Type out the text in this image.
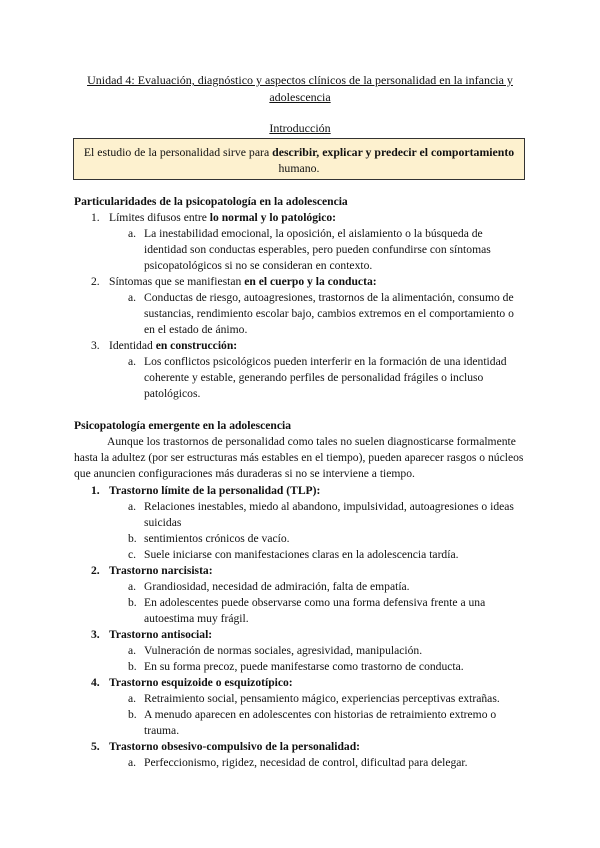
Unidad 4: Evaluación, diagnóstico y aspectos clínicos de la personalidad en la infancia y adolescencia
Introducción
El estudio de la personalidad sirve para describir, explicar y predecir el comportamiento humano.

Particularidades de la psicopatología en la adolescencia

1. Límites difusos entre lo normal y lo patológico:
a. La inestabilidad emocional, la oposición, el aislamiento o la búsqueda de identidad son conductas esperables, pero pueden confundirse con síntomas psicopatológicos si no se consideran en contexto.
2. Síntomas que se manifiestan en el cuerpo y la conducta:
a. Conductas de riesgo, autoagresiones, trastornos de la alimentación, consumo de sustancias, rendimiento escolar bajo, cambios extremos en el comportamiento o en el estado de ánimo.
3. Identidad en construcción:
a. Los conflictos psicológicos pueden interferir en la formación de una identidad coherente y estable, generando perfiles de personalidad frágiles o incluso patológicos.

Psicopatología emergente en la adolescencia

Aunque los trastornos de personalidad como tales no suelen diagnosticarse formalmente hasta la adultez (por ser estructuras más estables en el tiempo), pueden aparecer rasgos o núcleos que anuncien configuraciones más duraderas si no se interviene a tiempo.

1. Trastorno límite de la personalidad (TLP):
a. Relaciones inestables, miedo al abandono, impulsividad, autoagresiones o ideas suicidas
b. sentimientos crónicos de vacío.
c. Suele iniciarse con manifestaciones claras en la adolescencia tardía.
2. Trastorno narcisista:
a. Grandiosidad, necesidad de admiración, falta de empatía.
b. En adolescentes puede observarse como una forma defensiva frente a una autoestima muy frágil.
3. Trastorno antisocial:
a. Vulneración de normas sociales, agresividad, manipulación.
b. En su forma precoz, puede manifestarse como trastorno de conducta.
4. Trastorno esquizoide o esquizotípico:
a. Retraimiento social, pensamiento mágico, experiencias perceptivas extrañas.
b. A menudo aparecen en adolescentes con historias de retraimiento extremo o trauma.
5. Trastorno obsesivo-compulsivo de la personalidad:
a. Perfeccionismo, rigidez, necesidad de control, dificultad para delegar.
